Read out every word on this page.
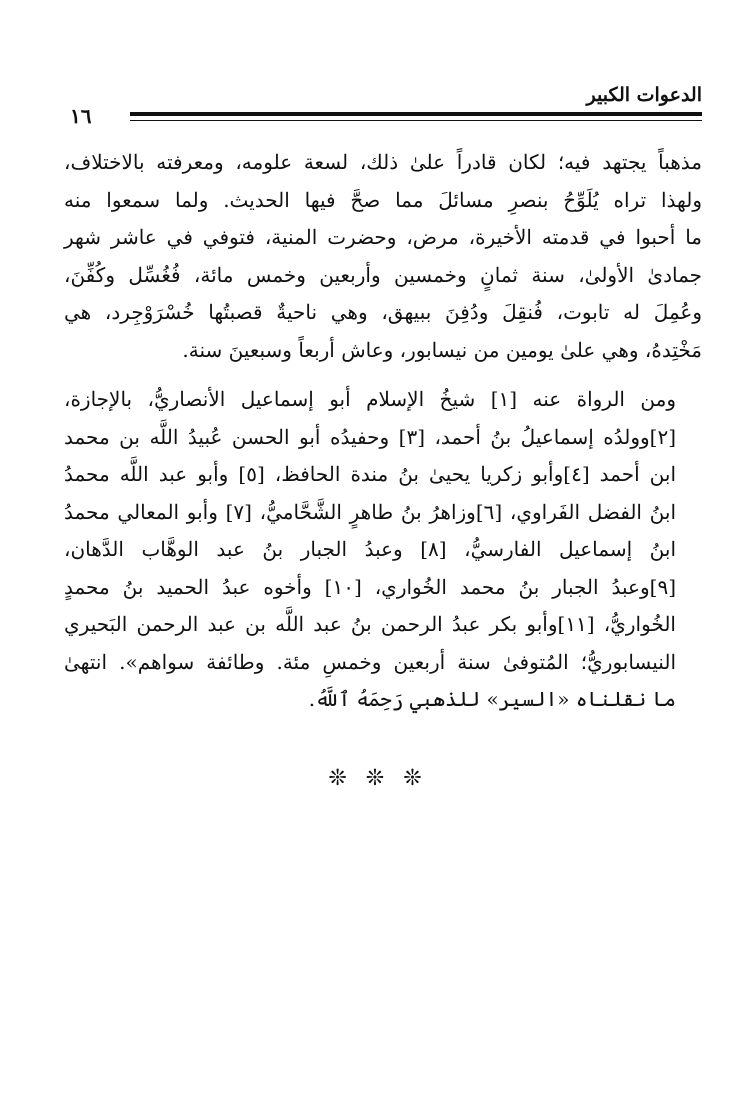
الدعوات الكبير
١٦

مذهباً يجتهد فيه؛ لكان قادراً علىٰ ذلك، لسعة علومه، ومعرفته بالاختلاف،
ولهذا تراه يُلَوِّحُ بنصرِ مسائلَ مما صحَّ فيها الحديث. ولما سمعوا منه
ما أحبوا في قدمته الأخيرة، مرض، وحضرت المنية، فتوفي في عاشر شهر
جمادىٰ الأولىٰ، سنة ثمانٍ وخمسين وأربعين وخمس مائة، فُغُسِّل وكُفِّنَ،
وعُمِلَ له تابوت، فُنقِلَ ودُفِنَ ببيهق، وهي ناحيةٌ قصبتُها خُسْرَوْجِرد، هي
مَخْتِدهُ، وهي علىٰ يومين من نيسابور، وعاش أربعاً وسبعينَ سنة.

ومن الرواة عنه [١] شيخُ الإسلام أبو إسماعيل الأنصاريُّ، بالإجازة،
[٢]وولدُه إسماعيلُ بنُ أحمد، [٣] وحفيدُه أبو الحسن عُبيدُ اللَّه بن محمد
ابن أحمد [٤]وأبو زكريا يحيىٰ بنُ مندة الحافظ، [٥] وأبو عبد اللَّه محمدُ
ابنُ الفضل الفَراوي، [٦]وزاهرُ بنُ طاهرٍ الشَّحَّاميُّ، [٧] وأبو المعالي محمدُ
ابنُ إسماعيل الفارسيُّ، [٨] وعبدُ الجبار بنُ عبد الوهَّاب الدَّهان،
[٩]وعبدُ الجبار بنُ محمد الخُواري، [١٠] وأخوه عبدُ الحميد بنُ محمدٍ
الخُواريُّ، [١١]وأبو بكر عبدُ الرحمن بنُ عبد اللَّه بن عبد الرحمن البَحيري
النيسابوريُّ؛ المُتوفىٰ سنة أربعين وخمسِ مئة. وطائفة سواهم». انتهىٰ
ما نقلناه «السير» للذهبي رَحِمَهُ ٱللَّهُ.

❊ ❊ ❊
